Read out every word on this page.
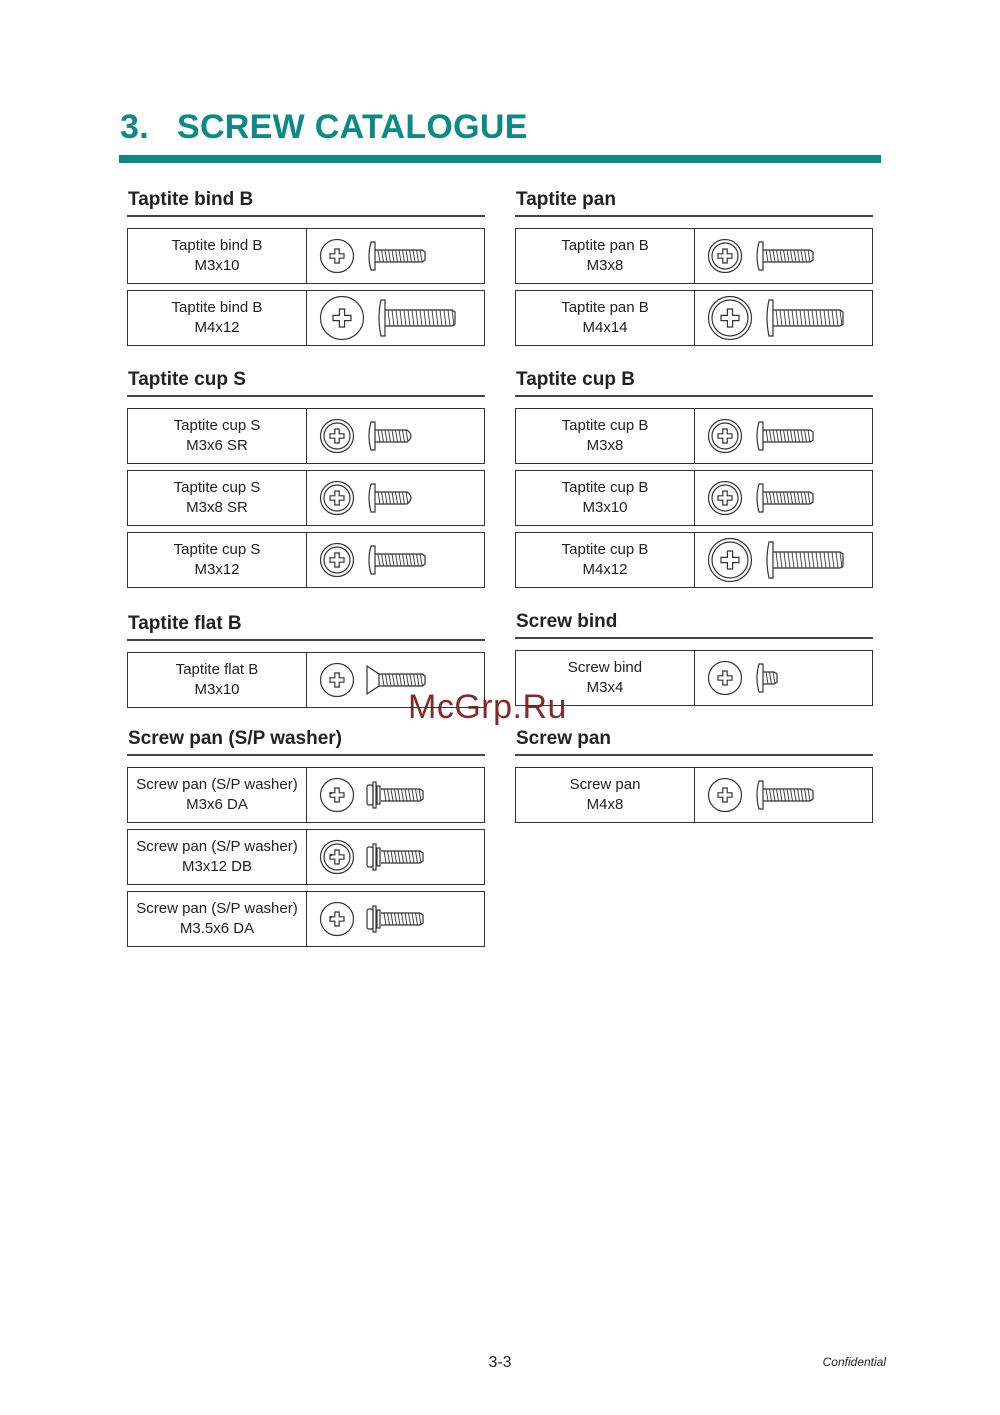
3. SCREW CATALOGUE
Taptite bind B
Taptite bind B
M3x10
Taptite bind B
M4x12
Taptite pan
Taptite pan B
M3x8
Taptite pan B
M4x14
Taptite cup S
Taptite cup S
M3x6 SR
Taptite cup S
M3x8 SR
Taptite cup S
M3x12
Taptite cup B
Taptite cup B
M3x8
Taptite cup B
M3x10
Taptite cup B
M4x12
Taptite flat B
Taptite flat B
M3x10
Screw bind
Screw bind
M3x4
Screw pan (S/P washer)
Screw pan (S/P washer)
M3x6 DA
Screw pan (S/P washer)
M3x12 DB
Screw pan (S/P washer)
M3.5x6 DA
Screw pan
Screw pan
M4x8
McGrp.Ru
3-3	Confidential
